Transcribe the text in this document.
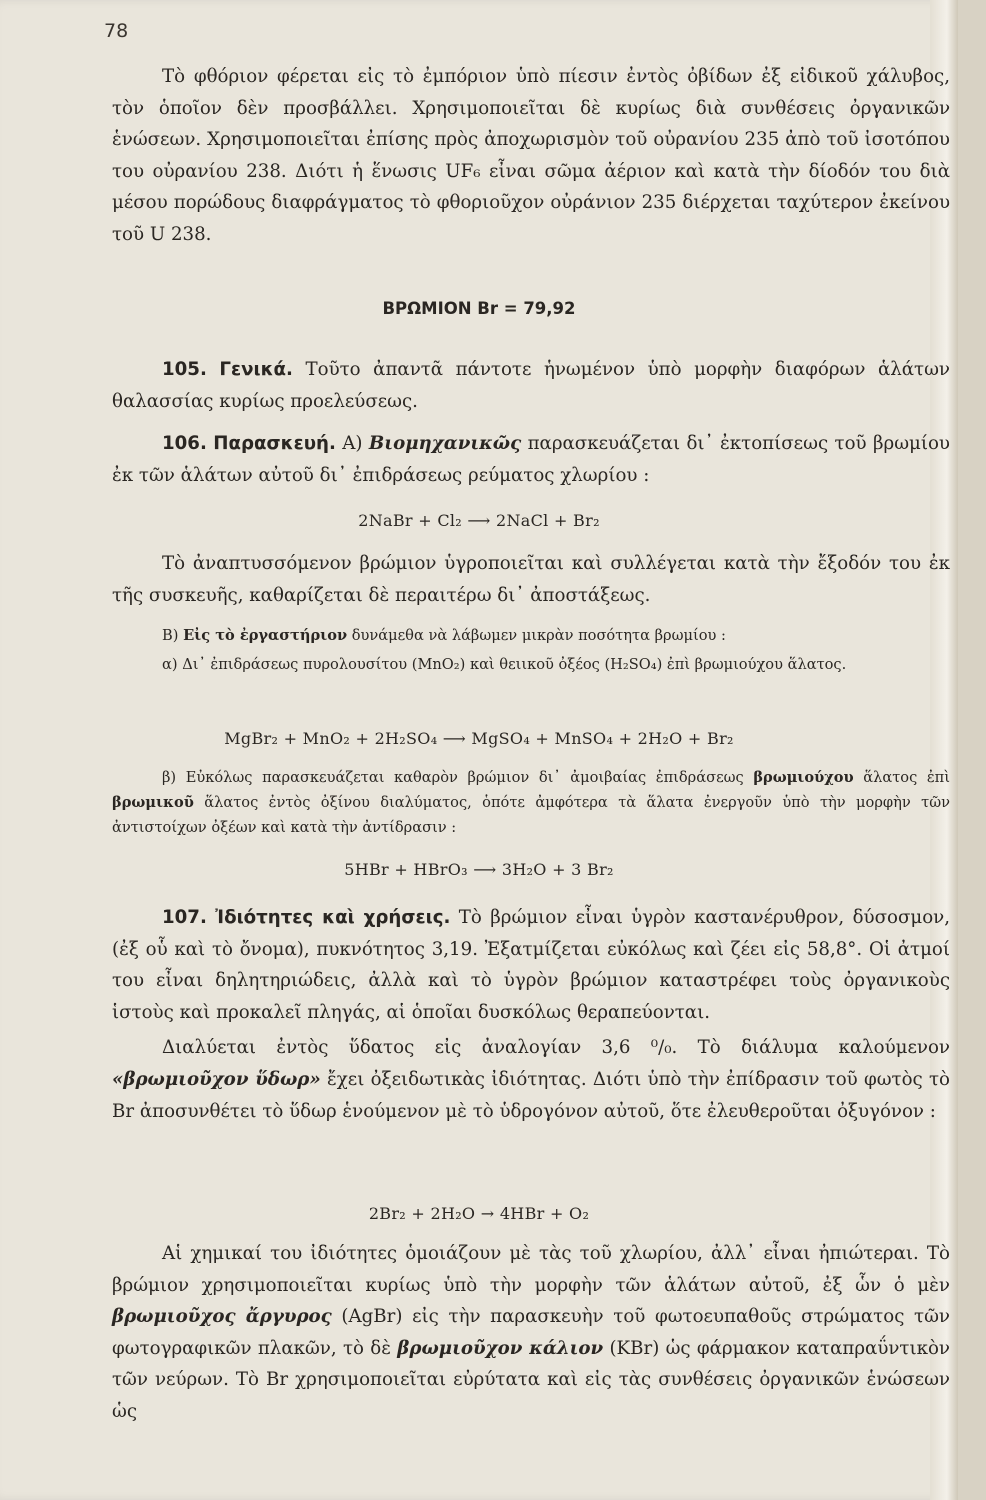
78

Τὸ φθόριον φέρεται εἰς τὸ ἐμπόριον ὑπὸ πίεσιν ἐντὸς ὀβίδων ἐξ εἰδικοῦ χάλυβος, τὸν ὁποῖον δὲν προσβάλλει. Χρησιμοποιεῖται δὲ κυρίως διὰ συνθέσεις ὀργανικῶν ἑνώσεων. Χρησιμοποιεῖται ἐπίσης πρὸς ἀποχωρισμὸν τοῦ οὐρανίου 235 ἀπὸ τοῦ ἰσοτόπου του οὐρανίου 238. Διότι ἡ ἕνωσις UF₆ εἶναι σῶμα ἀέριον καὶ κατὰ τὴν δίοδόν του διὰ μέσου πορώδους διαφράγματος τὸ φθοριοῦχον οὐράνιον 235 διέρχεται ταχύτερον ἐκείνου τοῦ U 238.

ΒΡΩΜΙΟΝ Br = 79,92

105. Γενικά. Τοῦτο ἀπαντᾶ πάντοτε ἡνωμένον ὑπὸ μορφὴν διαφόρων ἁλάτων θαλασσίας κυρίως προελεύσεως.

106. Παρασκευή. Α) Βιομηχανικῶς παρασκευάζεται δι᾿ ἐκτοπίσεως τοῦ βρωμίου ἐκ τῶν ἁλάτων αὐτοῦ δι᾿ ἐπιδράσεως ρεύματος χλωρίου :

2NaBr + Cl₂ ⟶ 2NaCl + Br₂

Τὸ ἀναπτυσσόμενον βρώμιον ὑγροποιεῖται καὶ συλλέγεται κατὰ τὴν ἔξοδόν του ἐκ τῆς συσκευῆς, καθαρίζεται δὲ περαιτέρω δι᾿ ἀποστάξεως.

Β) Εἰς τὸ ἐργαστήριον δυνάμεθα νὰ λάβωμεν μικρὰν ποσότητα βρωμίου :

α) Δι᾿ ἐπιδράσεως πυρολουσίτου (MnO₂) καὶ θειικοῦ ὀξέος (H₂SO₄) ἐπὶ βρωμιούχου ἅλατος.

MgBr₂ + MnO₂ + 2H₂SO₄ ⟶ MgSO₄ + MnSO₄ + 2H₂O + Br₂

β) Εὐκόλως παρασκευάζεται καθαρὸν βρώμιον δι᾿ ἀμοιβαίας ἐπιδράσεως βρωμιούχου ἅλατος ἐπὶ βρωμικοῦ ἅλατος ἐντὸς ὀξίνου διαλύματος, ὁπότε ἀμφότερα τὰ ἅλατα ἐνεργοῦν ὑπὸ τὴν μορφὴν τῶν ἀντιστοίχων ὀξέων καὶ κατὰ τὴν ἀντίδρασιν :

5HBr + HBrO₃ ⟶ 3H₂O + 3 Br₂

107. Ἰδιότητες καὶ χρήσεις. Τὸ βρώμιον εἶναι ὑγρὸν καστανέρυθρον, δύσοσμον, (ἐξ οὗ καὶ τὸ ὄνομα), πυκνότητος 3,19. Ἐξατμίζεται εὐκόλως καὶ ζέει εἰς 58,8°. Οἱ ἀτμοί του εἶναι δηλητηριώδεις, ἀλλὰ καὶ τὸ ὑγρὸν βρώμιον καταστρέφει τοὺς ὀργανικοὺς ἱστοὺς καὶ προκαλεῖ πληγάς, αἱ ὁποῖαι δυσκόλως θεραπεύονται.

Διαλύεται ἐντὸς ὕδατος εἰς ἀναλογίαν 3,6 ⁰/₀. Τὸ διάλυμα καλούμενον «βρωμιοῦχον ὕδωρ» ἔχει ὀξειδωτικὰς ἰδιότητας. Διότι ὑπὸ τὴν ἐπίδρασιν τοῦ φωτὸς τὸ Br ἀποσυνθέτει τὸ ὕδωρ ἑνούμενον μὲ τὸ ὑδρογόνον αὐτοῦ, ὅτε ἐλευθεροῦται ὀξυγόνον :

2Br₂ + 2H₂O → 4HBr + O₂

Αἱ χημικαί του ἰδιότητες ὁμοιάζουν μὲ τὰς τοῦ χλωρίου, ἀλλ᾿ εἶναι ἠπιώτεραι. Τὸ βρώμιον χρησιμοποιεῖται κυρίως ὑπὸ τὴν μορφὴν τῶν ἁλάτων αὐτοῦ, ἐξ ὧν ὁ μὲν βρωμιοῦχος ἄργυρος (AgBr) εἰς τὴν παρασκευὴν τοῦ φωτοευπαθοῦς στρώματος τῶν φωτογραφικῶν πλακῶν, τὸ δὲ βρωμιοῦχον κάλιον (KBr) ὡς φάρμακον καταπραΰντικὸν τῶν νεύρων. Τὸ Br χρησιμοποιεῖται εὐρύτατα καὶ εἰς τὰς συνθέσεις ὀργανικῶν ἑνώσεων ὡς
